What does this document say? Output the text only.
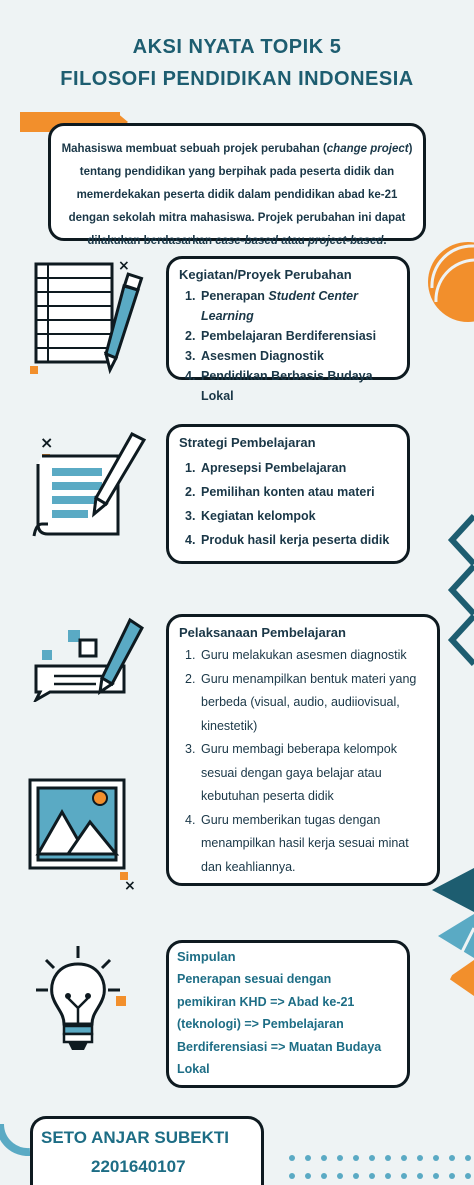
AKSI NYATA TOPIK 5
FILOSOFI PENDIDIKAN INDONESIA
Mahasiswa membuat sebuah projek perubahan (change project)
tentang pendidikan yang berpihak pada peserta didik dan
memerdekakan peserta didik dalam pendidikan abad ke-21
dengan sekolah mitra mahasiswa. Projek perubahan ini dapat
dilakukan berdasarkan case-based atau project-based.
×
Kegiatan/Proyek Perubahan
1. Penerapan Student Center Learning
2. Pembelajaran Berdiferensiasi
3. Asesmen Diagnostik
4. Pendidikan Berbasis Budaya Lokal
×	Strategi Pembelajaran
1. Apresepsi Pembelajaran
2. Pemilihan konten atau materi
3. Kegiatan kelompok
4. Produk hasil kerja peserta didik
×
Pelaksanaan Pembelajaran
1. Guru melakukan asesmen diagnostik
2. Guru menampilkan bentuk materi yang
berbeda (visual, audio, audiiovisual,
kinestetik)
3. Guru membagi beberapa kelompok
sesuai dengan gaya belajar atau
kebutuhan peserta didik
4. Guru memberikan tugas dengan
menampilkan hasil kerja sesuai minat
dan keahliannya.
Simpulan
Penerapan sesuai dengan
pemikiran KHD => Abad ke-21
(teknologi) => Pembelajaran
Berdiferensiasi => Muatan Budaya
Lokal
SETO ANJAR SUBEKTI
2201640107
